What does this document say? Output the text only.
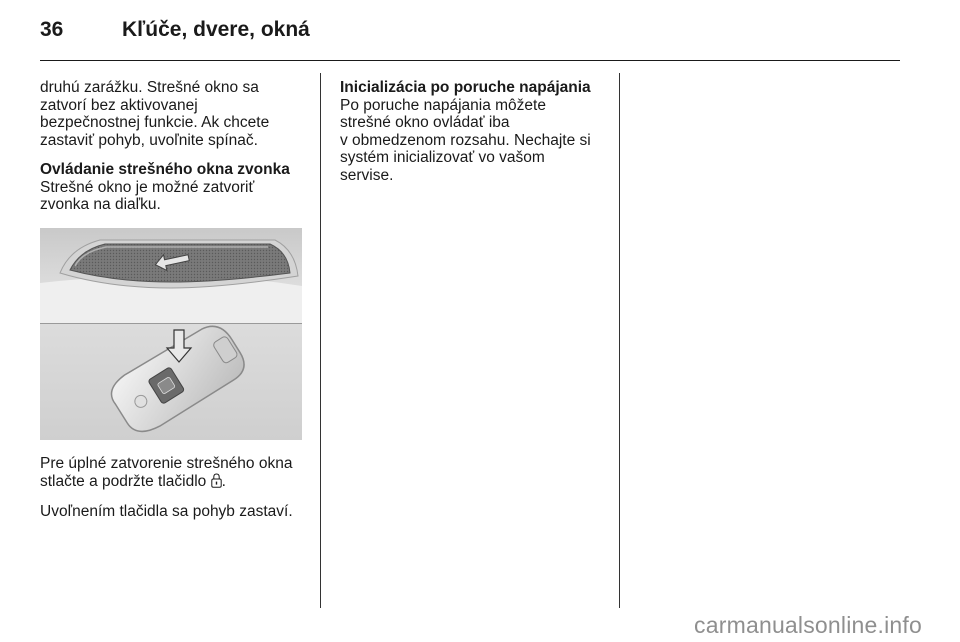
36	Kľúče, dvere, okná

druhú zarážku. Strešné okno sa
zatvorí bez aktivovanej
bezpečnostnej funkcie. Ak chcete
zastaviť pohyb, uvoľnite spínač.

Ovládanie strešného okna zvonka

Strešné okno je možné zatvoriť
zvonka na diaľku.

Pre úplné zatvorenie strešného okna
stlačte a podržte tlačidlo .

Uvoľnením tlačidla sa pohyb zastaví.

Inicializácia po poruche napájania

Po poruche napájania môžete
strešné okno ovládať iba
v obmedzenom rozsahu. Nechajte si
systém inicializovať vo vašom
servise.

carmanualsonline.info
